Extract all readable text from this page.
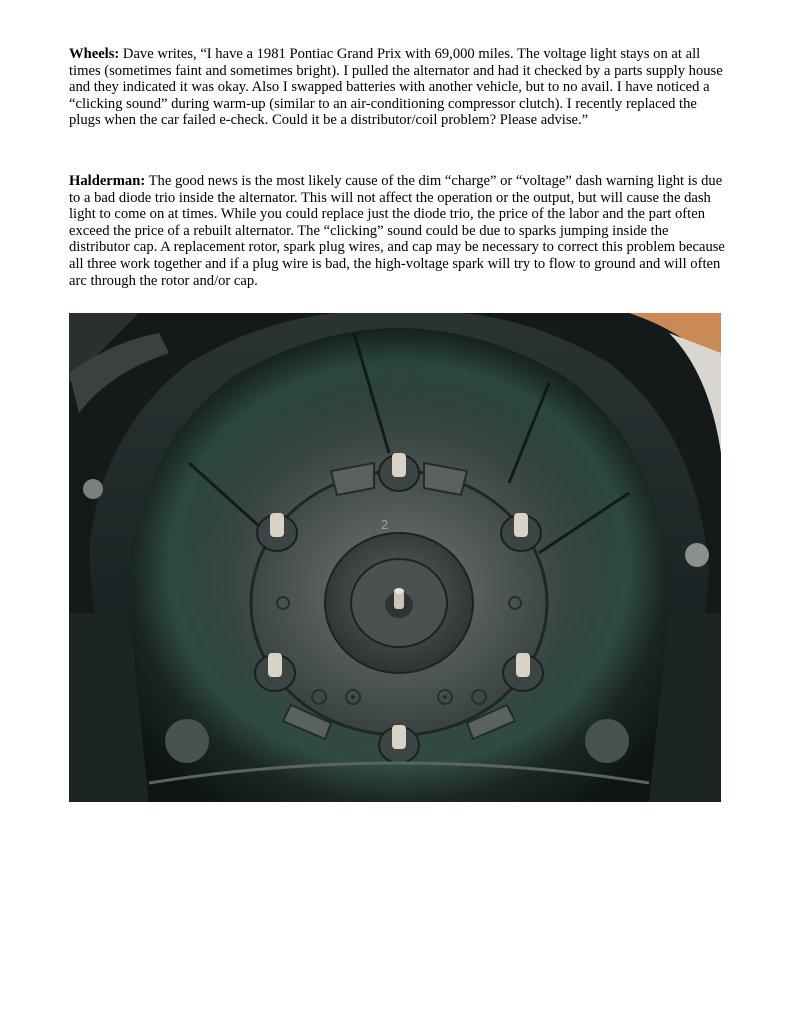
Wheels: Dave writes, “I have a 1981 Pontiac Grand Prix with 69,000 miles. The voltage light stays on at all times (sometimes faint and sometimes bright). I pulled the alternator and had it checked by a parts supply house and they indicated it was okay. Also I swapped batteries with another vehicle, but to no avail. I have noticed a “clicking sound” during warm-up (similar to an air-conditioning compressor clutch). I recently replaced the plugs when the car failed e-check. Could it be a distributor/coil problem? Please advise.”

Halderman: The good news is the most likely cause of the dim “charge” or “voltage” dash warning light is due to a bad diode trio inside the alternator. This will not affect the operation or the output, but will cause the dash light to come on at times. While you could replace just the diode trio, the price of the labor and the part often exceed the price of a rebuilt alternator. The “clicking” sound could be due to sparks jumping inside the distributor cap. A replacement rotor, spark plug wires, and cap may be necessary to correct this problem because all three work together and if a plug wire is bad, the high-voltage spark will try to flow to ground and will often arc through the rotor and/or cap.

2
